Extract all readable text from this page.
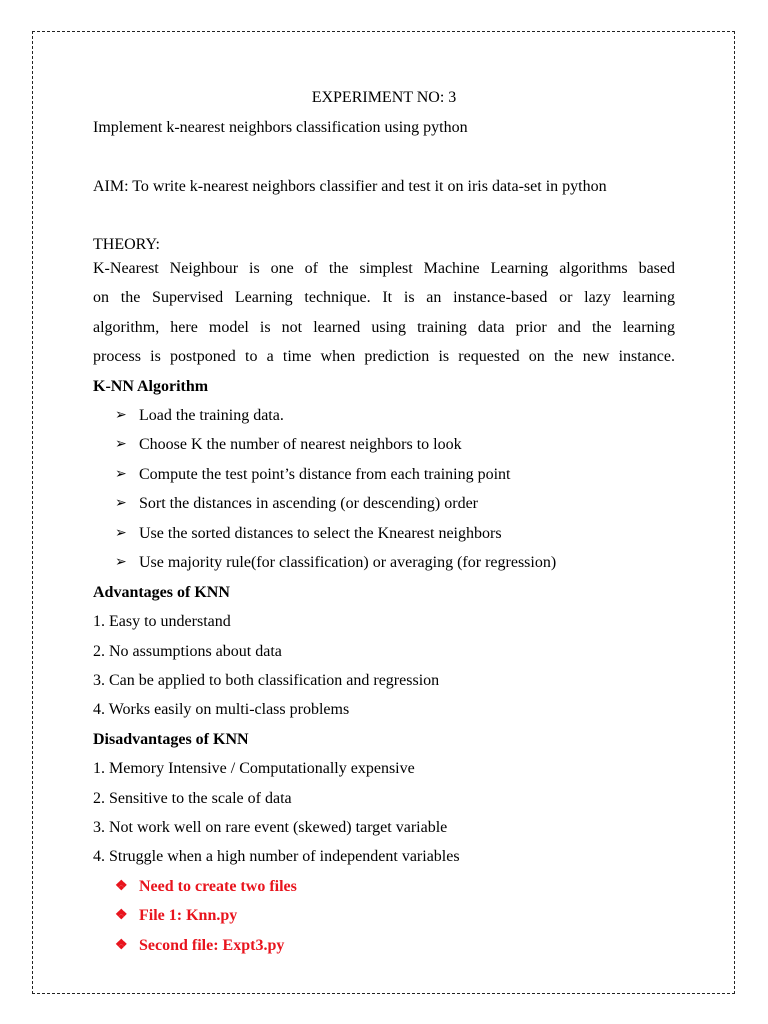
EXPERIMENT NO: 3
Implement k-nearest neighbors classification using python
AIM: To write k-nearest neighbors classifier and test it on iris data-set in python
THEORY:
K-Nearest Neighbour is one of the simplest Machine Learning algorithms based
on the Supervised Learning technique. It is an instance-based or lazy learning
algorithm, here model is not learned using training data prior and the learning
process is postponed to a time when prediction is requested on the new instance.
K-NN Algorithm
➢ Load the training data.
➢ Choose K the number of nearest neighbors to look
➢ Compute the test point’s distance from each training point
➢ Sort the distances in ascending (or descending) order
➢ Use the sorted distances to select the Knearest neighbors
➢ Use majority rule(for classification) or averaging (for regression)
Advantages of KNN
1. Easy to understand
2. No assumptions about data
3. Can be applied to both classification and regression
4. Works easily on multi-class problems
Disadvantages of KNN
1. Memory Intensive / Computationally expensive
2. Sensitive to the scale of data
3. Not work well on rare event (skewed) target variable
4. Struggle when a high number of independent variables
❖ Need to create two files
❖ File 1: Knn.py
❖ Second file: Expt3.py
